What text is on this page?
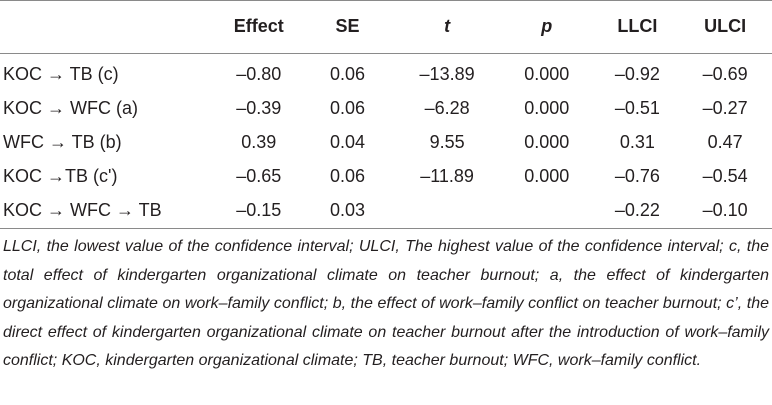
	Effect	SE	t	p	LLCI	ULCI
KOC → TB (c)	–0.80	0.06	–13.89	0.000	–0.92	–0.69
KOC → WFC (a)	–0.39	0.06	–6.28	0.000	–0.51	–0.27
WFC → TB (b)	0.39	0.04	9.55	0.000	0.31	0.47
KOC →TB (c')	–0.65	0.06	–11.89	0.000	–0.76	–0.54
KOC → WFC → TB	–0.15	0.03			–0.22	–0.10
LLCI, the lowest value of the confidence interval; ULCI, The highest value of the confidence interval; c, the total effect of kindergarten organizational climate on teacher burnout; a, the effect of kindergarten organizational climate on work–family conflict; b, the effect of work–family conflict on teacher burnout; c’, the direct effect of kindergarten organizational climate on teacher burnout after the introduction of work–family conflict; KOC, kindergarten organizational climate; TB, teacher burnout; WFC, work–family conflict.
